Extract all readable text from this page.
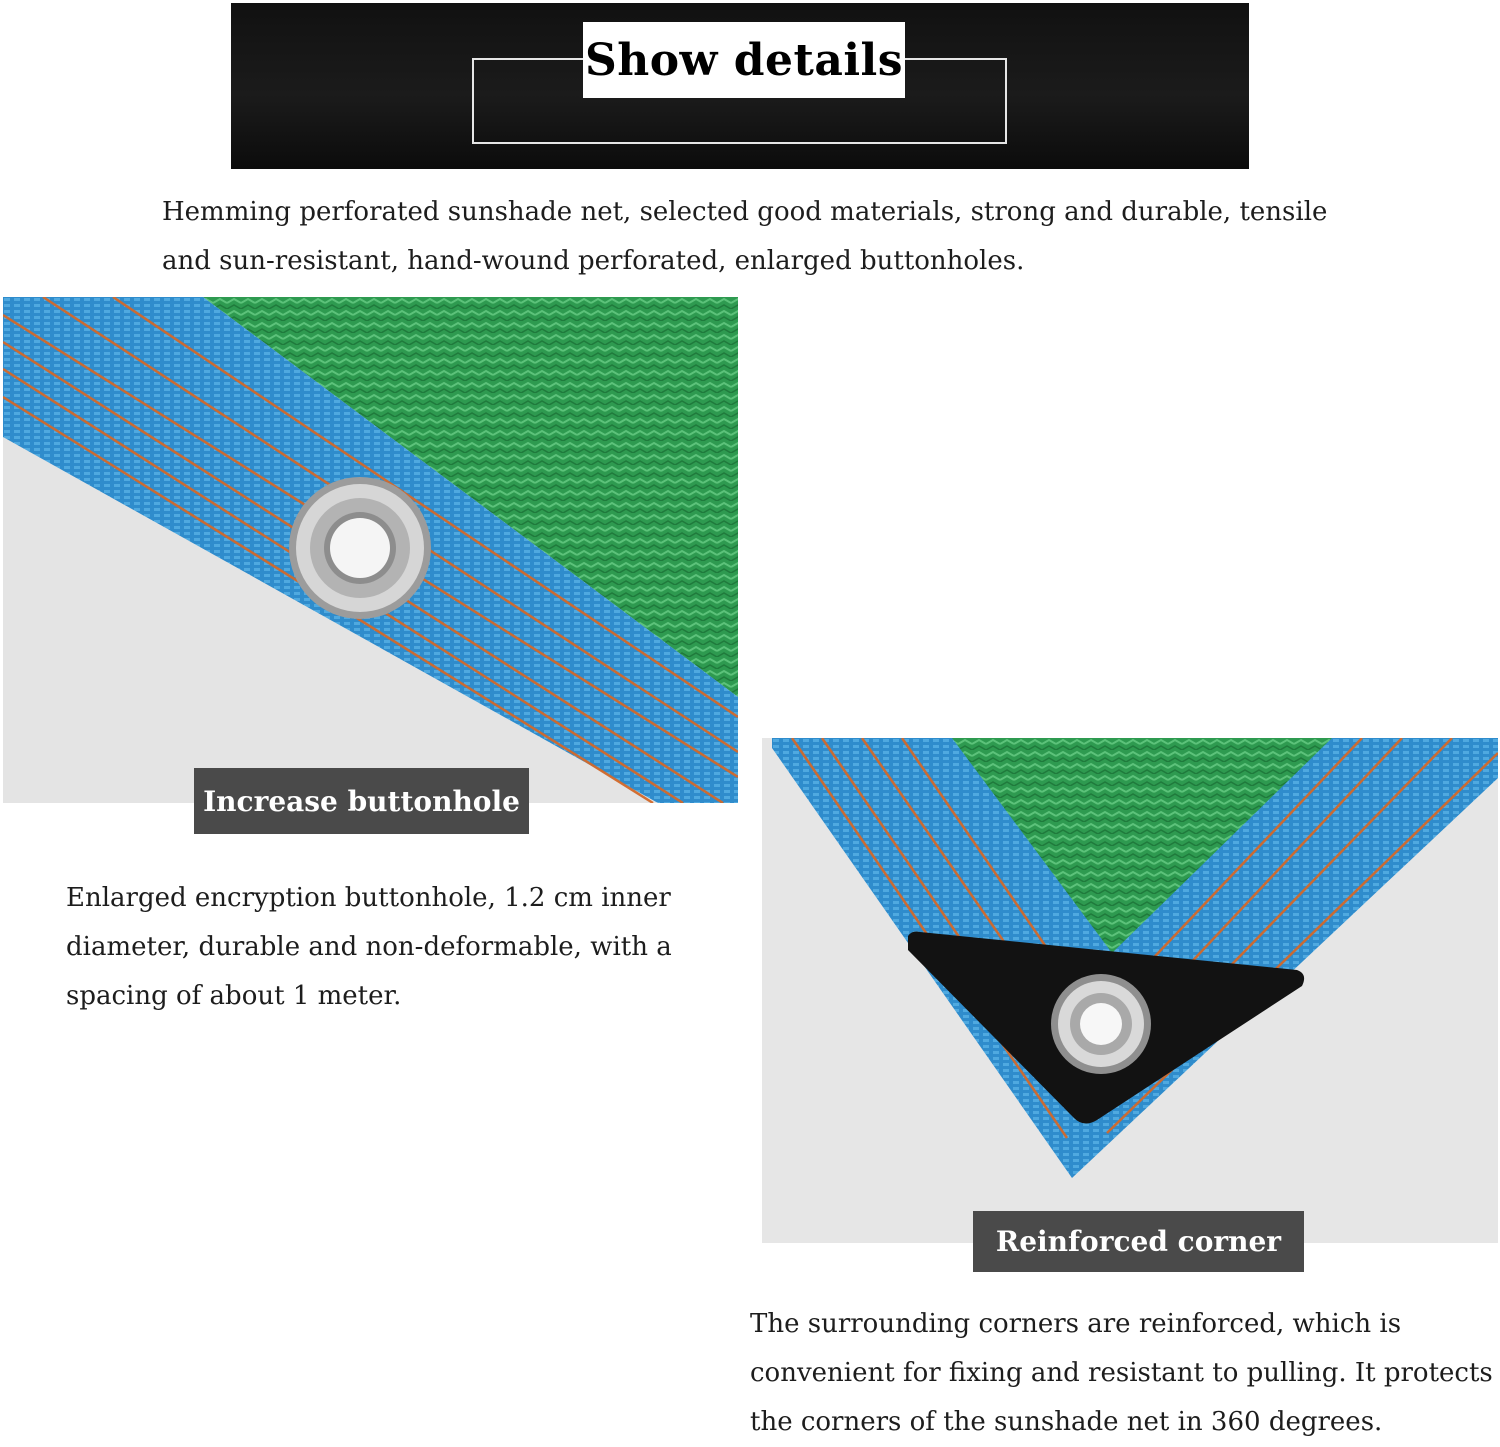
Show details
Hemming perforated sunshade net, selected good materials, strong and durable, tensile and sun-resistant, hand-wound perforated, enlarged buttonholes.
Increase buttonhole
Enlarged encryption buttonhole, 1.2 cm inner diameter, durable and non-deformable, with a spacing of about 1 meter.
Reinforced corner
The surrounding corners are reinforced, which is convenient for fixing and resistant to pulling. It protects the corners of the sunshade net in 360 degrees.
